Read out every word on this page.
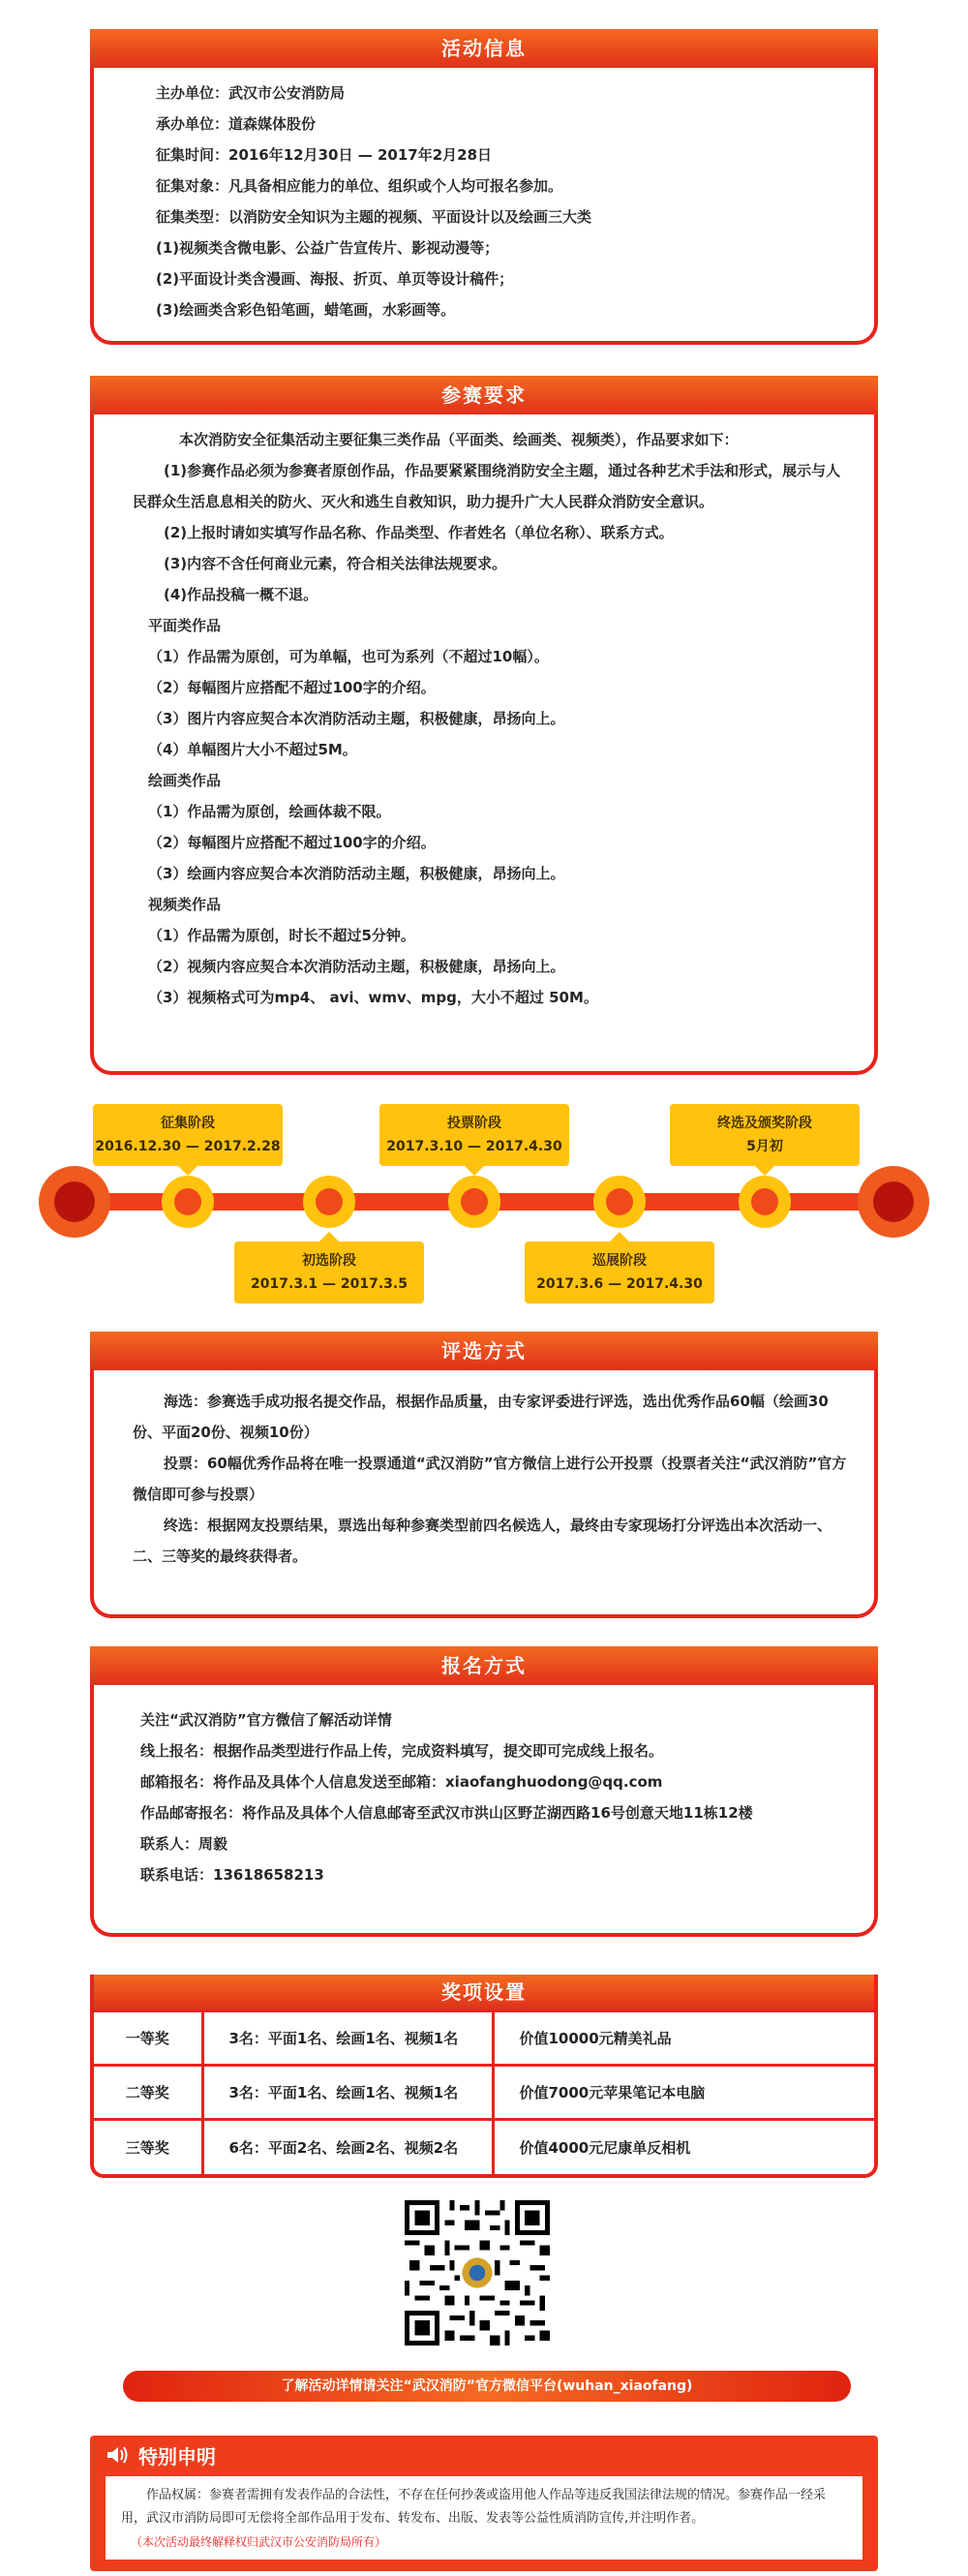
活动信息

主办单位：武汉市公安消防局

承办单位：道森媒体股份

征集时间：2016年12月30日 — 2017年2月28日

征集对象：凡具备相应能力的单位、组织或个人均可报名参加。

征集类型：以消防安全知识为主题的视频、平面设计以及绘画三大类

(1)视频类含微电影、公益广告宣传片、影视动漫等；

(2)平面设计类含漫画、海报、折页、单页等设计稿件；

(3)绘画类含彩色铅笔画，蜡笔画，水彩画等。

参赛要求

本次消防安全征集活动主要征集三类作品（平面类、绘画类、视频类），作品要求如下：

(1)参赛作品必须为参赛者原创作品，作品要紧紧围绕消防安全主题，通过各种艺术手法和形式，展示与人民群众生活息息相关的防火、灭火和逃生自救知识，助力提升广大人民群众消防安全意识。

(2)上报时请如实填写作品名称、作品类型、作者姓名（单位名称）、联系方式。

(3)内容不含任何商业元素，符合相关法律法规要求。

(4)作品投稿一概不退。

平面类作品

（1）作品需为原创，可为单幅，也可为系列（不超过10幅）。

（2）每幅图片应搭配不超过100字的介绍。

（3）图片内容应契合本次消防活动主题，积极健康，昂扬向上。

（4）单幅图片大小不超过5M。

绘画类作品

（1）作品需为原创，绘画体裁不限。

（2）每幅图片应搭配不超过100字的介绍。

（3）绘画内容应契合本次消防活动主题，积极健康，昂扬向上。

视频类作品

（1）作品需为原创，时长不超过5分钟。

（2）视频内容应契合本次消防活动主题，积极健康，昂扬向上。

（3）视频格式可为mp4、 avi、wmv、mpg，大小不超过 50M。

征集阶段
2016.12.30 — 2017.2.28
初选阶段
2017.3.1 — 2017.3.5
投票阶段
2017.3.10 — 2017.4.30
巡展阶段
2017.3.6 — 2017.4.30
终选及颁奖阶段
5月初
评选方式

海选：参赛选手成功报名提交作品，根据作品质量，由专家评委进行评选，选出优秀作品60幅（绘画30份、平面20份、视频10份）

投票：60幅优秀作品将在唯一投票通道“武汉消防”官方微信上进行公开投票（投票者关注“武汉消防”官方微信即可参与投票）

终选：根据网友投票结果，票选出每种参赛类型前四名候选人，最终由专家现场打分评选出本次活动一、二、三等奖的最终获得者。

报名方式

关注“武汉消防”官方微信了解活动详情

线上报名：根据作品类型进行作品上传，完成资料填写，提交即可完成线上报名。

邮箱报名：将作品及具体个人信息发送至邮箱：xiaofanghuodong@qq.com

作品邮寄报名：将作品及具体个人信息邮寄至武汉市洪山区野芷湖西路16号创意天地11栋12楼

联系人：周毅

联系电话：13618658213

奖项设置
一等奖	3名：平面1名、绘画1名、视频1名	价值10000元精美礼品
二等奖	3名：平面1名、绘画1名、视频1名	价值7000元苹果笔记本电脑
三等奖	6名：平面2名、绘画2名、视频2名	价值4000元尼康单反相机
了解活动详情请关注“武汉消防”官方微信平台(wuhan_xiaofang)
特别申明

作品权属：参赛者需拥有发表作品的合法性，不存在任何抄袭或盗用他人作品等违反我国法律法规的情况。参赛作品一经采用，武汉市消防局即可无偿将全部作品用于发布、转发布、出版、发表等公益性质消防宣传,并注明作者。

（本次活动最终解释权归武汉市公安消防局所有）
